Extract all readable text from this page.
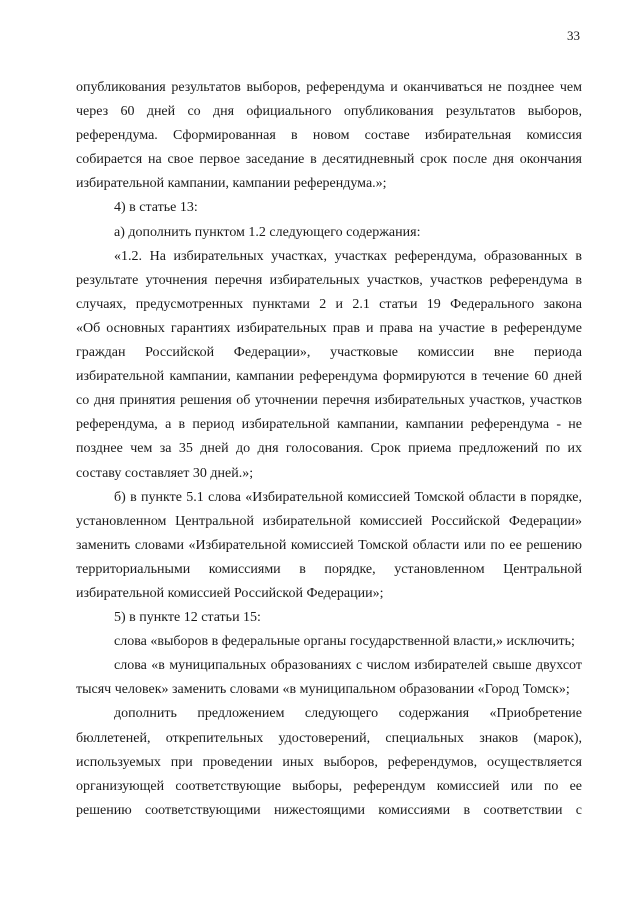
33
опубликования результатов выборов, референдума и оканчиваться не позднее чем
через 60 дней со дня официального опубликования результатов выборов,
референдума. Сформированная в новом составе избирательная комиссия
собирается на свое первое заседание в десятидневный срок после дня окончания
избирательной кампании, кампании референдума.»;
4) в статье 13:
а) дополнить пунктом 1.2 следующего содержания:
«1.2. На избирательных участках, участках референдума, образованных в
результате уточнения перечня избирательных участков, участков референдума в
случаях, предусмотренных пунктами 2 и 2.1 статьи 19 Федерального закона
«Об основных гарантиях избирательных прав и права на участие в референдуме
граждан Российской Федерации», участковые комиссии вне периода
избирательной кампании, кампании референдума формируются в течение 60 дней
со дня принятия решения об уточнении перечня избирательных участков, участков
референдума, а в период избирательной кампании, кампании референдума - не
позднее чем за 35 дней до дня голосования. Срок приема предложений по их
составу составляет 30 дней.»;
б) в пункте 5.1 слова «Избирательной комиссией Томской области в порядке,
установленном Центральной избирательной комиссией Российской Федерации»
заменить словами «Избирательной комиссией Томской области или по ее решению
территориальными комиссиями в порядке, установленном Центральной
избирательной комиссией Российской Федерации»;
5) в пункте 12 статьи 15:
слова «выборов в федеральные органы государственной власти,» исключить;
слова «в муниципальных образованиях с числом избирателей свыше двухсот
тысяч человек» заменить словами «в муниципальном образовании «Город Томск»;
дополнить предложением следующего содержания «Приобретение
бюллетеней, открепительных удостоверений, специальных знаков (марок),
используемых при проведении иных выборов, референдумов, осуществляется
организующей соответствующие выборы, референдум комиссией или по ее
решению соответствующими нижестоящими комиссиями в соответствии с
